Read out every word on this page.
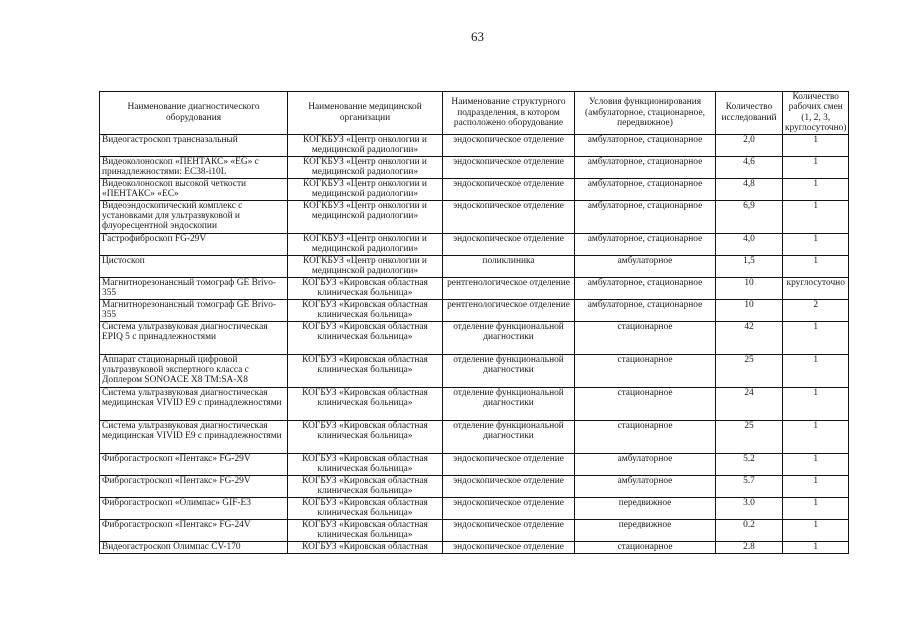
63
Наименование диагностического оборудования	Наименование медицинской организации	Наименование структурного подразделения, в котором расположено оборудование	Условия функционирования (амбулаторное, стационарное, передвижное)	Количество исследований	Количество рабочих смен (1, 2, 3, круглосуточно)
Видеогастроскоп трансназальный	КОГКБУЗ «Центр онкологии и медицинской радиологии»	эндоскопическое отделение	амбулаторное, стационарное	2,0	1
Видеоколоноскоп «ПЕНТАКС» «EG» с принадлежностями: EC38-i10L	КОГКБУЗ «Центр онкологии и медицинской радиологии»	эндоскопическое отделение	амбулаторное, стационарное	4,6	1
Видеоколоноскоп высокой четкости «ПЕНТАКС» «EC»	КОГКБУЗ «Центр онкологии и медицинской радиологии»	эндоскопическое отделение	амбулаторное, стационарное	4,8	1
Видеоэндоскопический комплекс с установками для ультразвуковой и флуоресцентной эндоскопии	КОГКБУЗ «Центр онкологии и медицинской радиологии»	эндоскопическое отделение	амбулаторное, стационарное	6,9	1
Гастрофиброскоп FG-29V	КОГКБУЗ «Центр онкологии и медицинской радиологии»	эндоскопическое отделение	амбулаторное, стационарное	4,0	1
Цистоскоп	КОГКБУЗ «Центр онкологии и медицинской радиологии»	поликлиника	амбулаторное	1,5	1
Магнитнорезонансный томограф GE Brivo-355	КОГБУЗ «Кировская областная клиническая больница»	рентгенологическое отделение	амбулаторное, стационарное	10	круглосуточно
Магнитнорезонансный томограф GE Brivo-355	КОГБУЗ «Кировская областная клиническая больница»	рентгенологическое отделение	амбулаторное, стационарное	10	2
Система ультразвуковая диагностическая EPIQ 5 с принадлежностями	КОГБУЗ «Кировская областная клиническая больница»	отделение функциональной диагностики	стационарное	42	1
Аппарат стационарный цифровой ультразвуковой экспертного класса с Доплером SONOACE X8 TM:SA-X8	КОГБУЗ «Кировская областная клиническая больница»	отделение функциональной диагностики	стационарное	25	1
Система ультразвуковая диагностическая медицинская VIVID E9 с принадлежностями	КОГБУЗ «Кировская областная клиническая больница»	отделение функциональной диагностики	стационарное	24	1
Система ультразвуковая диагностическая медицинская VIVID E9 с принадлежностями	КОГБУЗ «Кировская областная клиническая больница»	отделение функциональной диагностики	стационарное	25	1
Фиброгастроскоп «Пентакс» FG-29V	КОГБУЗ «Кировская областная клиническая больница»	эндоскопическое отделение	амбулаторное	5.2	1
Фиброгастроскоп «Пентакс» FG-29V	КОГБУЗ «Кировская областная клиническая больница»	эндоскопическое отделение	амбулаторное	5.7	1
Фиброгастроскоп «Олимпас» GIF-E3	КОГБУЗ «Кировская областная клиническая больница»	эндоскопическое отделение	передвижное	3.0	1
Фиброгастроскоп «Пентакс» FG-24V	КОГБУЗ «Кировская областная клиническая больница»	эндоскопическое отделение	передвижное	0.2	1
Видеогастроскоп Олимпас CV-170	КОГБУЗ «Кировская областная	эндоскопическое отделение	стационарное	2.8	1
